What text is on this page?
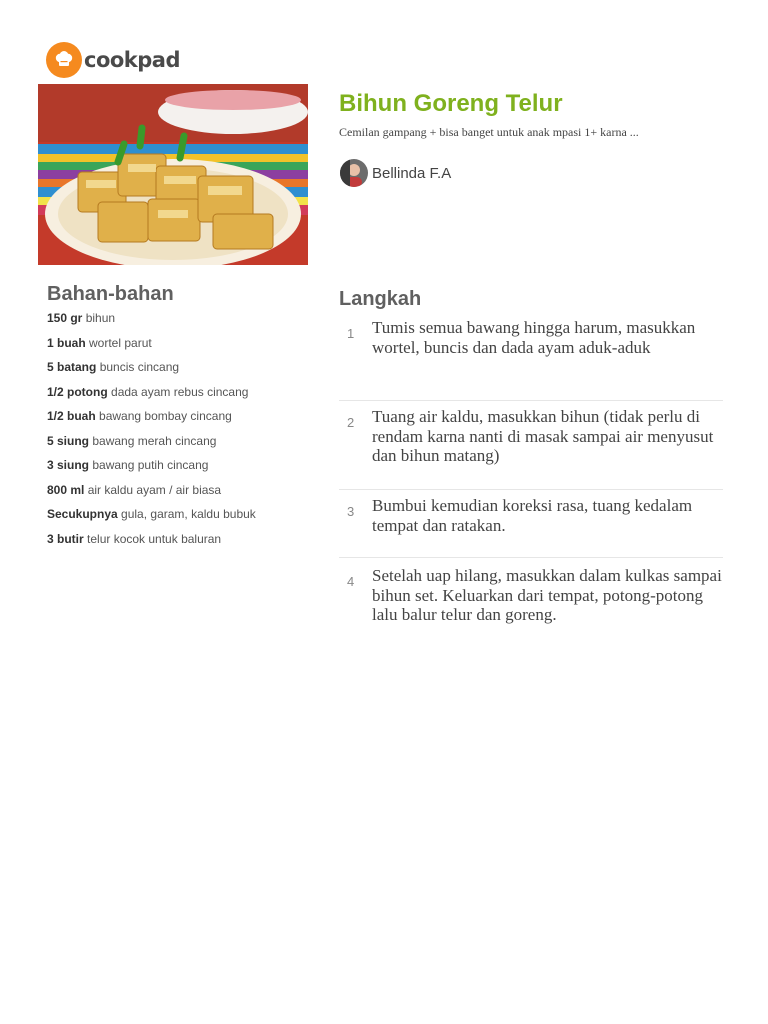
cookpad
Bihun Goreng Telur

Cemilan gampang + bisa banget untuk anak mpasi 1+ karna ...

Bellinda F.A
Bahan-bahan
150 gr bihun
1 buah wortel parut
5 batang buncis cincang
1/2 potong dada ayam rebus cincang
1/2 buah bawang bombay cincang
5 siung bawang merah cincang
3 siung bawang putih cincang
800 ml air kaldu ayam / air biasa
Secukupnya gula, garam, kaldu bubuk
3 butir telur kocok untuk baluran
Langkah
1 Tumis semua bawang hingga harum, masukkan wortel, buncis dan dada ayam aduk-aduk
2 Tuang air kaldu, masukkan bihun (tidak perlu di rendam karna nanti di masak sampai air menyusut dan bihun matang)
3 Bumbui kemudian koreksi rasa, tuang kedalam tempat dan ratakan.
4 Setelah uap hilang, masukkan dalam kulkas sampai bihun set. Keluarkan dari tempat, potong-potong lalu balur telur dan goreng.
